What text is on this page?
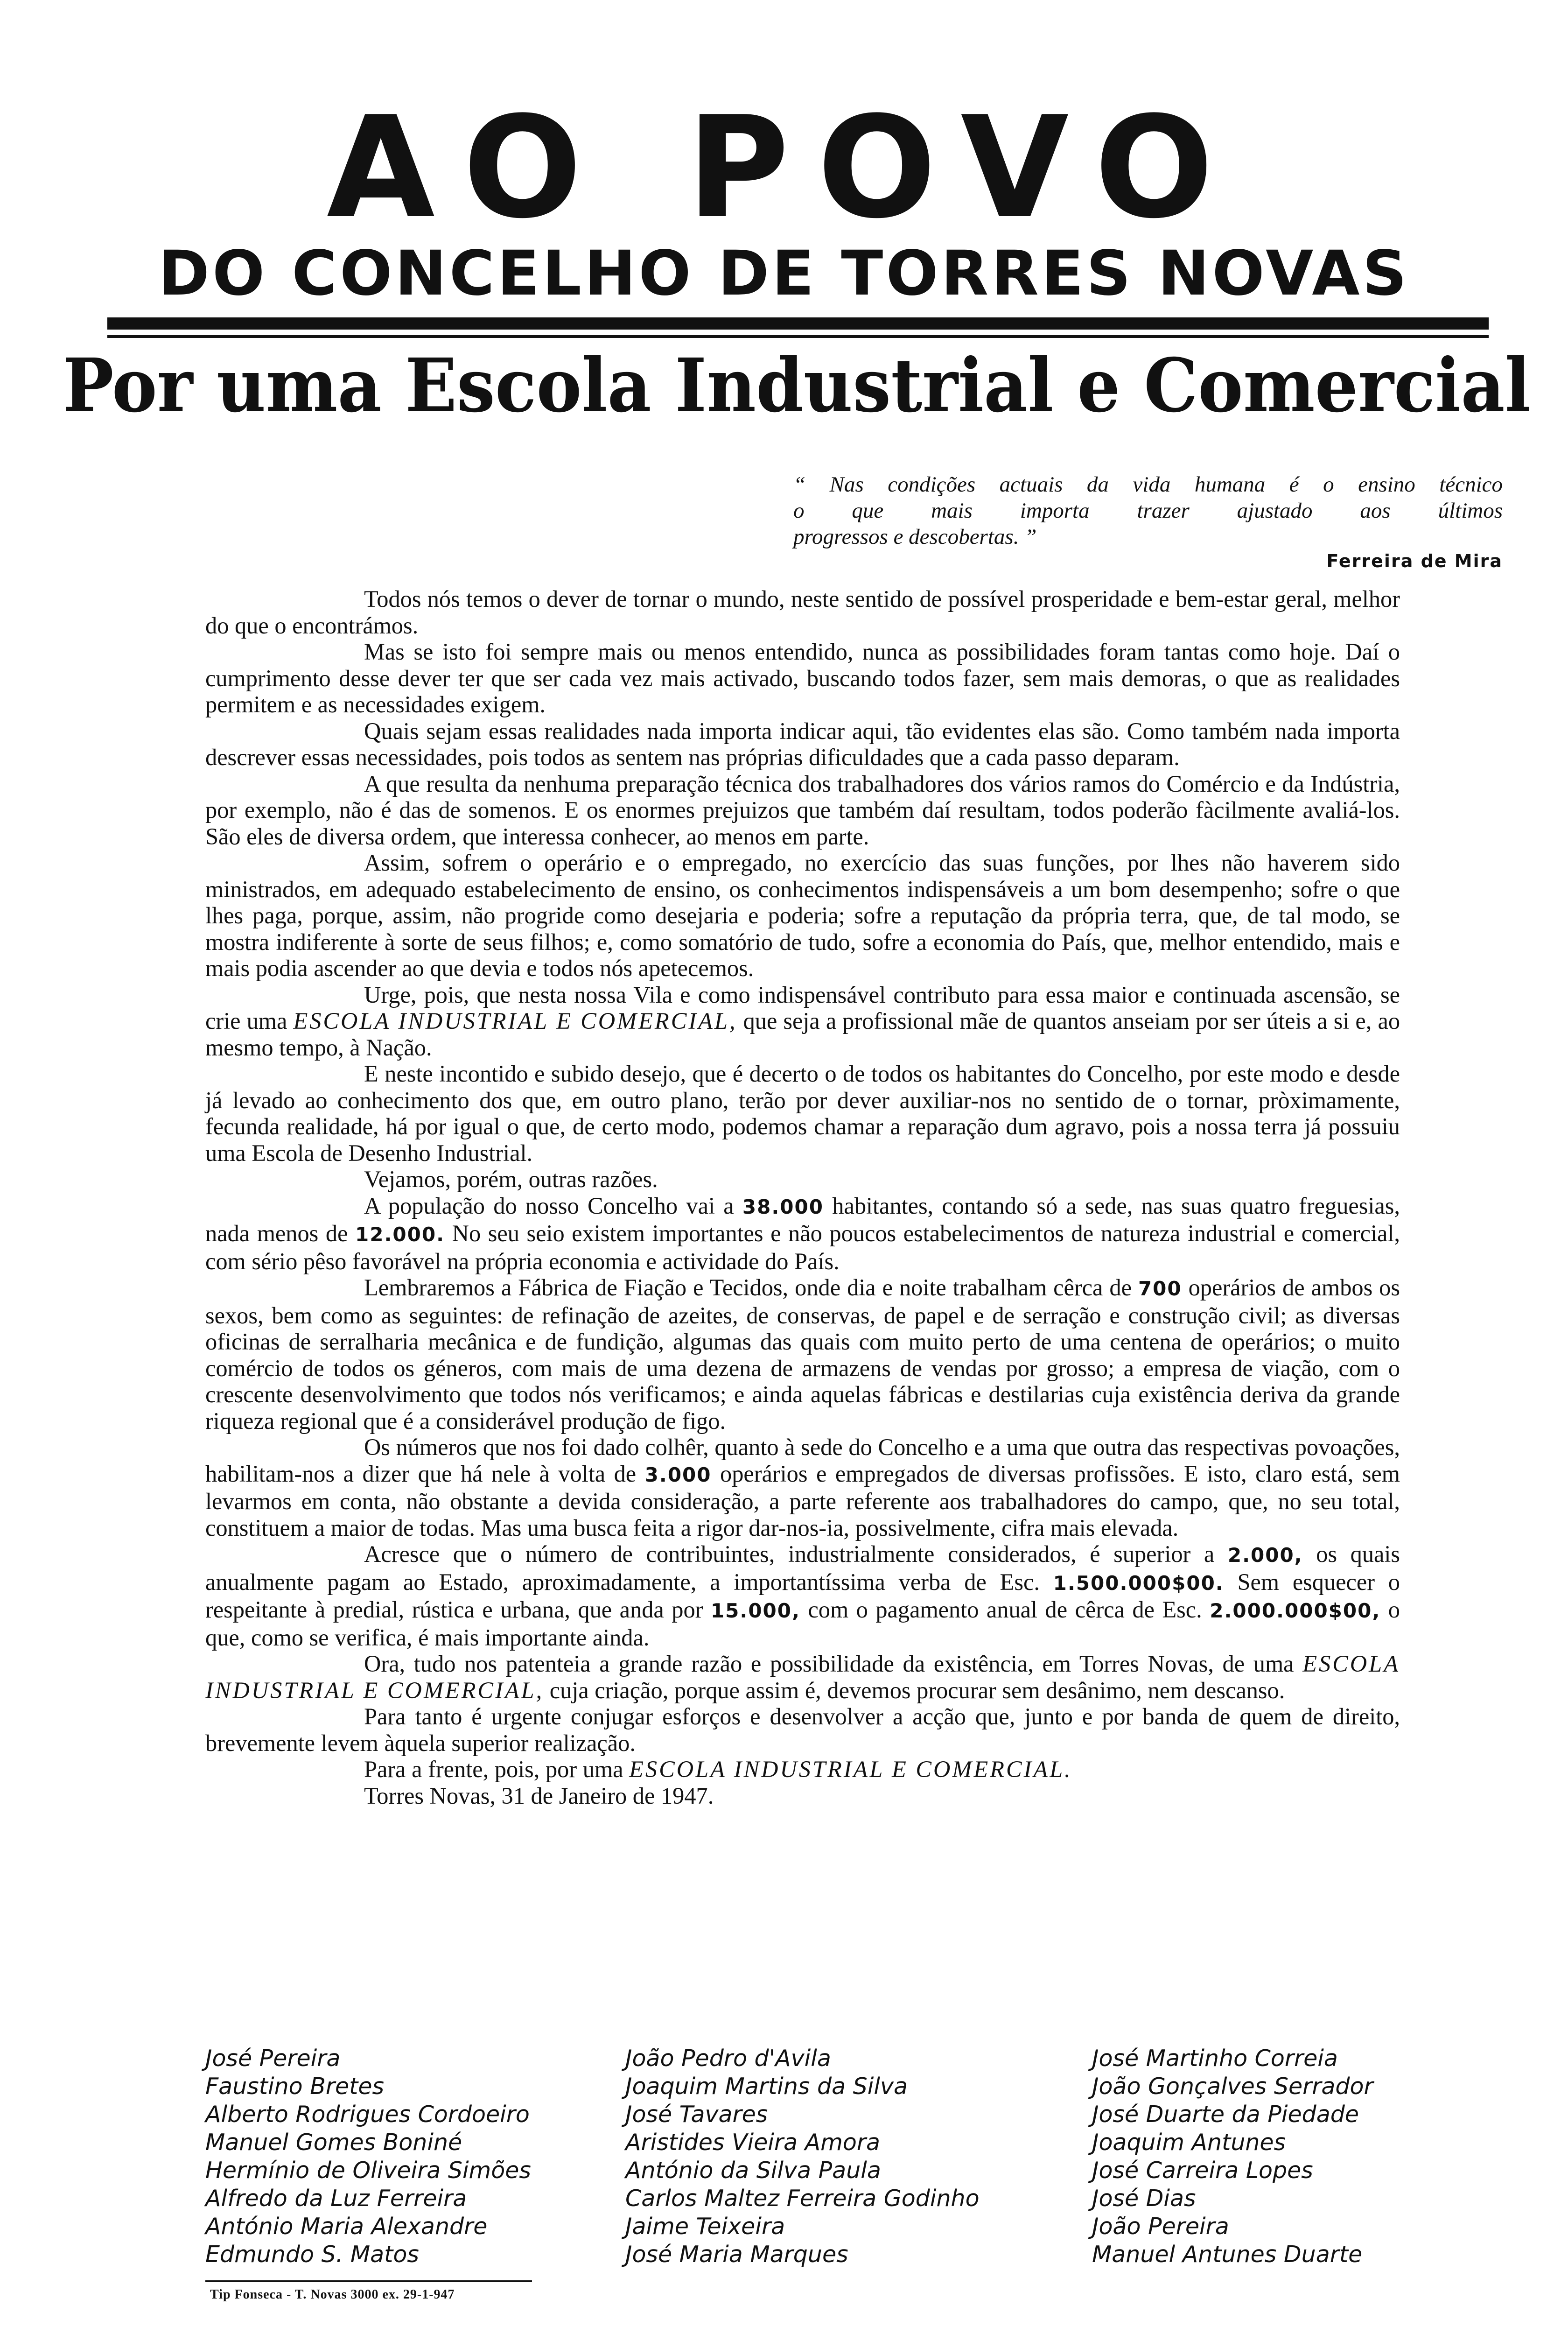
AO POVO
DO CONCELHO DE TORRES NOVAS
Por uma Escola Industrial e Comercial

“ Nas condições actuais da vida humana é o ensino técnico

o que mais importa trazer ajustado aos últimos

progressos e descobertas. ”

Ferreira de Mira

Todos nós temos o dever de tornar o mundo, neste sentido de possível prosperidade e bem-estar geral, melhor do que o encontrámos.

Mas se isto foi sempre mais ou menos entendido, nunca as possibilidades foram tantas como hoje. Daí o cumprimento desse dever ter que ser cada vez mais activado, buscando todos fazer, sem mais demoras, o que as realidades permitem e as necessidades exigem.

Quais sejam essas realidades nada importa indicar aqui, tão evidentes elas são. Como também nada importa descrever essas necessidades, pois todos as sentem nas próprias dificuldades que a cada passo deparam.

A que resulta da nenhuma preparação técnica dos trabalhadores dos vários ramos do Comércio e da Indústria, por exemplo, não é das de somenos. E os enormes prejuizos que também daí resultam, todos poderão fàcilmente avaliá-los. São eles de diversa ordem, que interessa conhecer, ao menos em parte.

Assim, sofrem o operário e o empregado, no exercício das suas funções, por lhes não haverem sido ministrados, em adequado estabelecimento de ensino, os conhecimentos indispensáveis a um bom desempenho; sofre o que lhes paga, porque, assim, não progride como desejaria e poderia; sofre a reputação da própria terra, que, de tal modo, se mostra indiferente à sorte de seus filhos; e, como somatório de tudo, sofre a economia do País, que, melhor entendido, mais e mais podia ascender ao que devia e todos nós apetecemos.

Urge, pois, que nesta nossa Vila e como indispensável contributo para essa maior e continuada ascensão, se crie uma ESCOLA INDUSTRIAL E COMERCIAL, que seja a profissional mãe de quantos anseiam por ser úteis a si e, ao mesmo tempo, à Nação.

E neste incontido e subido desejo, que é decerto o de todos os habitantes do Concelho, por este modo e desde já levado ao conhecimento dos que, em outro plano, terão por dever auxiliar-nos no sentido de o tornar, pròximamente, fecunda realidade, há por igual o que, de certo modo, podemos chamar a reparação dum agravo, pois a nossa terra já possuiu uma Escola de Desenho Industrial.

Vejamos, porém, outras razões.

A população do nosso Concelho vai a 38.000 habitantes, contando só a sede, nas suas quatro freguesias, nada menos de 12.000. No seu seio existem importantes e não poucos estabelecimentos de natureza industrial e comercial, com sério pêso favorável na própria economia e actividade do País.

Lembraremos a Fábrica de Fiação e Tecidos, onde dia e noite trabalham cêrca de 700 operários de ambos os sexos, bem como as seguintes: de refinação de azeites, de conservas, de papel e de serração e construção civil; as diversas oficinas de serralharia mecânica e de fundição, algumas das quais com muito perto de uma centena de operários; o muito comércio de todos os géneros, com mais de uma dezena de armazens de vendas por grosso; a empresa de viação, com o crescente desenvolvimento que todos nós verificamos; e ainda aquelas fábricas e destilarias cuja existência deriva da grande riqueza regional que é a considerável produção de figo.

Os números que nos foi dado colhêr, quanto à sede do Concelho e a uma que outra das respectivas povoações, habilitam-nos a dizer que há nele à volta de 3.000 operários e empregados de diversas profissões. E isto, claro está, sem levarmos em conta, não obstante a devida consideração, a parte referente aos trabalhadores do campo, que, no seu total, constituem a maior de todas. Mas uma busca feita a rigor dar-nos-ia, possivelmente, cifra mais elevada.

Acresce que o número de contribuintes, industrialmente considerados, é superior a 2.000, os quais anualmente pagam ao Estado, aproximadamente, a importantíssima verba de Esc. 1.500.000$00. Sem esquecer o respeitante à predial, rústica e urbana, que anda por 15.000, com o pagamento anual de cêrca de Esc. 2.000.000$00, o que, como se verifica, é mais importante ainda.

Ora, tudo nos patenteia a grande razão e possibilidade da existência, em Torres Novas, de uma ESCOLA INDUSTRIAL E COMERCIAL, cuja criação, porque assim é, devemos procurar sem desânimo, nem descanso.

Para tanto é urgente conjugar esforços e desenvolver a acção que, junto e por banda de quem de direito, brevemente levem àquela superior realização.

Para a frente, pois, por uma ESCOLA INDUSTRIAL E COMERCIAL.

Torres Novas, 31 de Janeiro de 1947.

José Pereira
Faustino Bretes
Alberto Rodrigues Cordoeiro
Manuel Gomes Boniné
Hermínio de Oliveira Simões
Alfredo da Luz Ferreira
António Maria Alexandre
Edmundo S. Matos
João Pedro d'Avila
Joaquim Martins da Silva
José Tavares
Aristides Vieira Amora
António da Silva Paula
Carlos Maltez Ferreira Godinho
Jaime Teixeira
José Maria Marques
José Martinho Correia
João Gonçalves Serrador
José Duarte da Piedade
Joaquim Antunes
José Carreira Lopes
José Dias
João Pereira
Manuel Antunes Duarte
Tip Fonseca - T. Novas 3000 ex. 29-1-947
